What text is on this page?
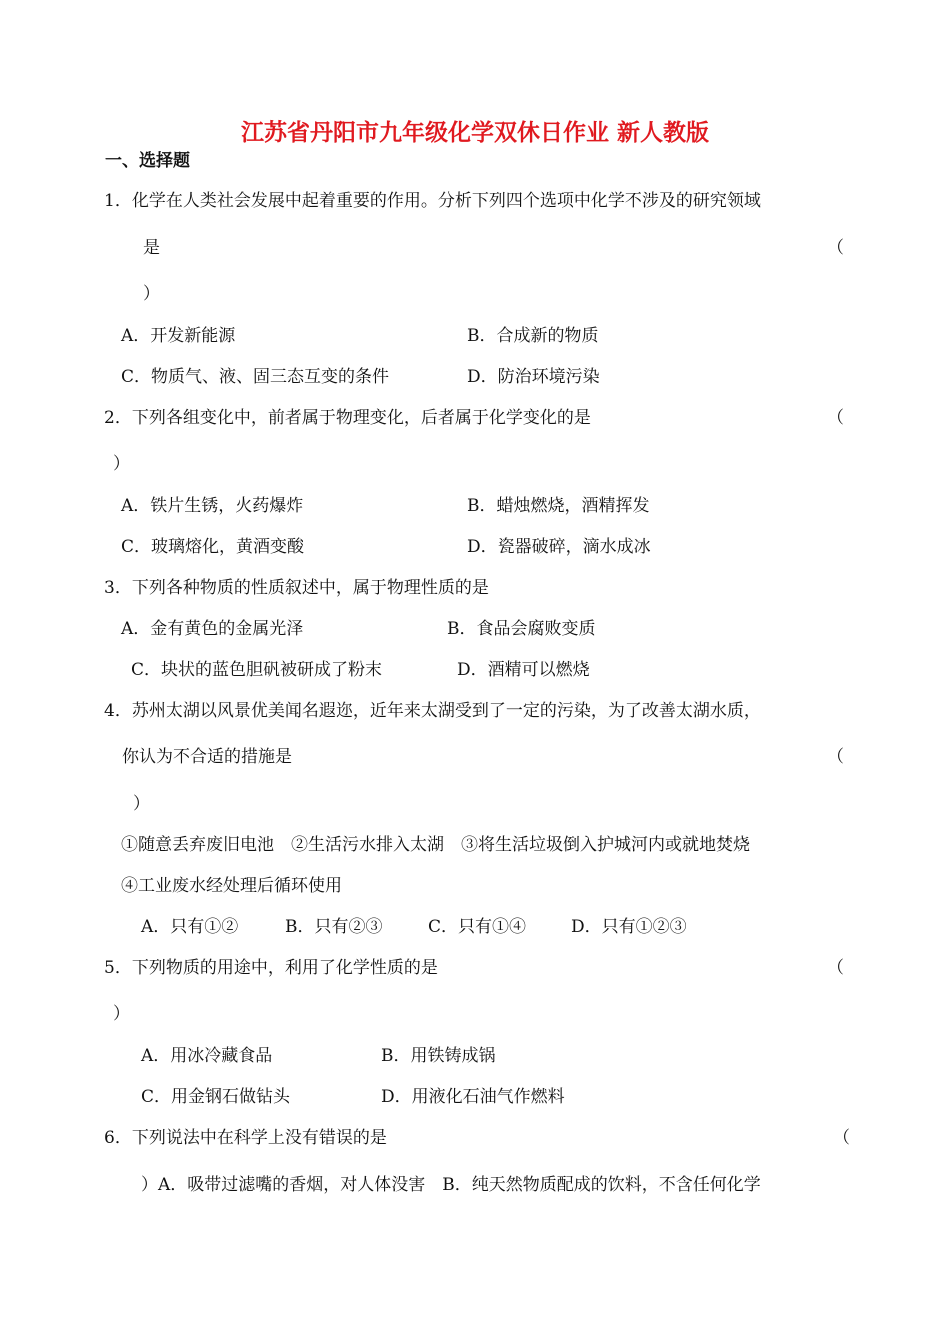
江苏省丹阳市九年级化学双休日作业 新人教版
一、选择题
1．化学在人类社会发展中起着重要的作用。分析下列四个选项中化学不涉及的研究领域
是	（
）
A．开发新能源	B．合成新的物质
C．物质气、液、固三态互变的条件	D．防治环境污染
2．下列各组变化中，前者属于物理变化，后者属于化学变化的是	（
）
A．铁片生锈，火药爆炸	B．蜡烛燃烧，酒精挥发
C．玻璃熔化，黄酒变酸	D．瓷器破碎，滴水成冰
3．下列各种物质的性质叙述中，属于物理性质的是
A．金有黄色的金属光泽	B．食品会腐败变质
C．块状的蓝色胆矾被研成了粉末	D．酒精可以燃烧
4．苏州太湖以风景优美闻名遐迩，近年来太湖受到了一定的污染，为了改善太湖水质，
你认为不合适的措施是	（
）
①随意丢弃废旧电池　②生活污水排入太湖　③将生活垃圾倒入护城河内或就地焚烧
④工业废水经处理后循环使用
A．只有①②	B．只有②③	C．只有①④	D．只有①②③
5．下列物质的用途中，利用了化学性质的是	（
）
A．用冰冷藏食品	B．用铁铸成锅
C．用金钢石做钻头	D．用液化石油气作燃料
6．下列说法中在科学上没有错误的是	（
）A．吸带过滤嘴的香烟，对人体没害　B．纯天然物质配成的饮料，不含任何化学
